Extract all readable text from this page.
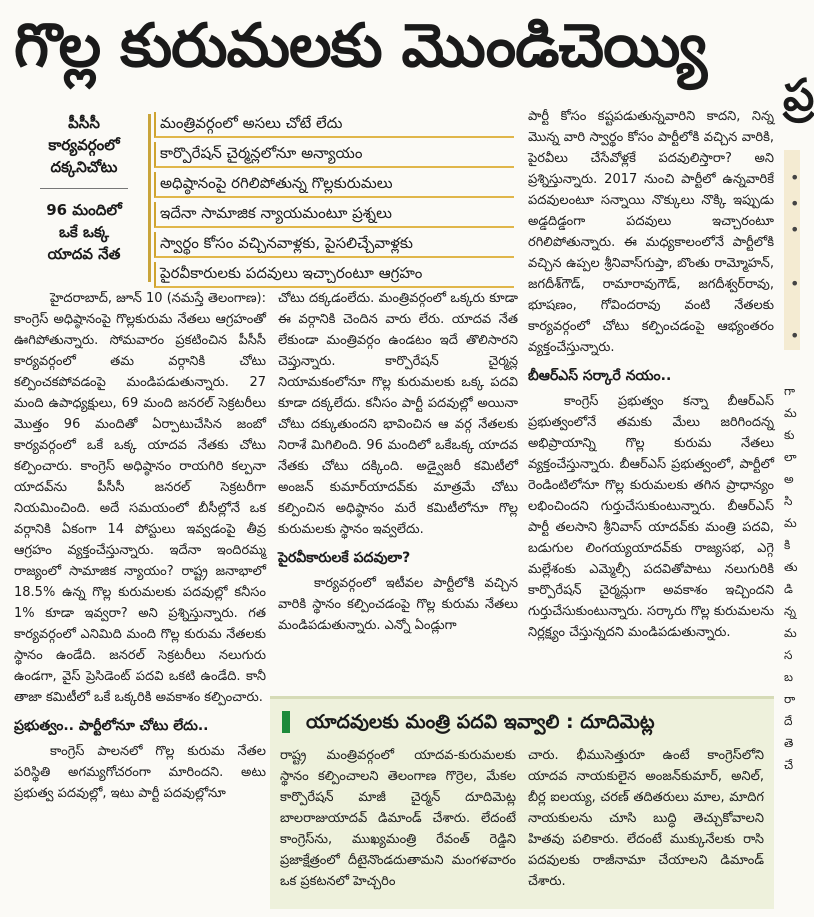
గొల్ల కురుమలకు మొండిచెయ్యి
ప్ర
•
•
•
•
•
పీసీసీ
కార్యవర్గంలో
దక్కనిచోటు
96 మందిలో
ఒకే ఒక్క
యాదవ నేత
మంత్రివర్గంలో అసలు చోటే లేదు
కార్పొరేషన్ చైర్మన్లలోనూ అన్యాయం
అధిష్ఠానంపై రగిలిపోతున్న గొల్లకురుమలు
ఇదేనా సామాజిక న్యాయమంటూ ప్రశ్నలు
స్వార్థం కోసం వచ్చినవాళ్లకు, పైసలిచ్చేవాళ్లకు
పైరవీకారులకు పదవులు ఇచ్చారంటూ ఆగ్రహం

హైదరాబాద్, జూన్ 10 (నమస్తే తెలంగాణ): కాంగ్రెస్ అధిష్ఠానంపై గొల్లకురుమ నేతలు ఆగ్రహంతో ఊగిపోతున్నారు. సోమవారం ప్రకటించిన పీసీసీ కార్యవర్గంలో తమ వర్గానికి చోటు కల్పించకపోవడంపై మండిపడుతున్నారు. 27 మంది ఉపాధ్యక్షులు, 69 మంది జనరల్ సెక్రటరీలు మొత్తం 96 మందితో ఏర్పాటుచేసిన జంబో కార్యవర్గంలో ఒకే ఒక్క యాదవ నేతకు చోటు కల్పించారు. కాంగ్రెస్ అధిష్ఠానం రాయగిరి కల్పనా యాదవ్‌ను పీసీసీ జనరల్ సెక్రటరీగా నియమించింది. అదే సమయంలో బీసీల్లోనే ఒక వర్గానికి ఏకంగా 14 పోస్టులు ఇవ్వడంపై తీవ్ర ఆగ్రహం వ్యక్తంచేస్తున్నారు. ఇదేనా ఇందిరమ్మ రాజ్యంలో సామాజిక న్యాయం? రాష్ట్ర జనాభాలో 18.5% ఉన్న గొల్ల కురుమలకు పదవుల్లో కనీసం 1% కూడా ఇవ్వరా? అని ప్రశ్నిస్తున్నారు. గత కార్యవర్గంలో ఎనిమిది మంది గొల్ల కురుమ నేతలకు స్థానం ఉండేది. జనరల్ సెక్రటరీలు నలుగురు ఉండగా, వైస్ ప్రెసిడెంట్ పదవి ఒకటి ఉండేది. కానీ తాజా కమిటీలో ఒకే ఒక్కరికి అవకాశం కల్పించారు.

ప్రభుత్వం.. పార్టీలోనూ చోటు లేదు..

కాంగ్రెస్ పాలనలో గొల్ల కురుమ నేతల పరిస్థితి అగమ్యగోచరంగా మారిందని. అటు ప్రభుత్వ పదవుల్లో, ఇటు పార్టీ పదవుల్లోనూ

చోటు దక్కడంలేదు. మంత్రివర్గంలో ఒక్కరు కూడా ఈ వర్గానికి చెందిన వారు లేరు. యాదవ నేత లేకుండా మంత్రివర్గం ఉండటం ఇదే తొలిసారని చెప్తున్నారు. కార్పొరేషన్ చైర్మన్ల నియామకంలోనూ గొల్ల కురుమలకు ఒక్క పదవి కూడా దక్కలేదు. కనీసం పార్టీ పదవుల్లో అయినా చోటు దక్కుతుందని భావించిన ఆ వర్గ నేతలకు నిరాశే మిగిలింది. 96 మందిలో ఒకేఒక్క యాదవ నేతకు చోటు దక్కింది. అడ్వైజరీ కమిటీలో అంజన్ కుమార్‌యాదవ్‌కు మాత్రమే చోటు కల్పించిన అధిష్ఠానం మరే కమిటీలోనూ గొల్ల కురుమలకు స్థానం ఇవ్వలేదు.

పైరవీకారులకే పదవులా?

కార్యవర్గంలో ఇటీవల పార్టీలోకి వచ్చిన వారికి స్థానం కల్పించడంపై గొల్ల కురుమ నేతలు మండిపడుతున్నారు. ఎన్నో ఏండ్లుగా

పార్టీ కోసం కష్టపడుతున్నవారిని కాదని, నిన్న మొన్న వారి స్వార్థం కోసం పార్టీలోకి వచ్చిన వారికి, పైరవీలు చేసేవోళ్లకే పదవులిస్తారా? అని ప్రశ్నిస్తున్నారు. 2017 నుంచి పార్టీలో ఉన్నవారికే పదవులంటూ సన్నాయి నొక్కులు నొక్కి ఇప్పుడు అడ్డదిడ్డంగా పదవులు ఇచ్చారంటూ రగిలిపోతున్నారు. ఈ మధ్యకాలంలోనే పార్టీలోకి వచ్చిన ఉప్పల శ్రీనివాస్‌గుప్తా, బొంతు రామ్మోహన్, జగదీశ్‌గౌడ్, రామారావుగౌడ్, జగదీశ్వర్‌రావు, భూషణం, గోవిందరావు వంటి నేతలకు కార్యవర్గంలో చోటు కల్పించడంపై ఆభ్యంతరం వ్యక్తంచేస్తున్నారు.

బీఆర్‌ఎస్ సర్కారే నయం..

కాంగ్రెస్ ప్రభుత్వం కన్నా బీఆర్‌ఎస్ ప్రభుత్వంలోనే తమకు మేలు జరిగిందన్న అభిప్రాయాన్ని గొల్ల కురుమ నేతలు వ్యక్తంచేస్తున్నారు. బీఆర్‌ఎస్ ప్రభుత్వంలో, పార్టీలో రెండింటిలోనూ గొల్ల కురుమలకు తగిన ప్రాధాన్యం లభించిందని గుర్తుచేసుకుంటున్నారు. బీఆర్‌ఎస్ పార్టీ తలసాని శ్రీనివాస్ యాదవ్‌కు మంత్రి పదవి, బడుగుల లింగయ్యయాదవ్‌కు రాజ్యసభ, ఎగ్గె మల్లేశంకు ఎమ్మెల్సీ పదవితోపాటు నలుగురికి కార్పొరేషన్ చైర్మన్లుగా అవకాశం ఇచ్చిందని గుర్తుచేసుకుంటున్నారు. సర్కారు గొల్ల కురుమలను నిర్లక్ష్యం చేస్తున్నదని మండిపడుతున్నారు.

యాదవులకు మంత్రి పదవి ఇవ్వాలి : దూదిమెట్ల
రాష్ట్ర మంత్రివర్గంలో యాదవ-కురుమలకు స్థానం కల్పించాలని తెలంగాణ గొర్రెల, మేకల కార్పొరేషన్ మాజీ చైర్మన్ దూదిమెట్ల బాలరాజుయాదవ్ డిమాండ్ చేశారు. లేదంటే కాంగ్రెస్‌ను, ముఖ్యమంత్రి రేవంత్ రెడ్డిని ప్రజాక్షేత్రంలో దీటైనొండదుతామని మంగళవారం ఒక ప్రకటనలో హెచ్చరిం
చారు. భీముసెత్తురూ ఉంటే కాంగ్రెస్‌లోని యాదవ నాయకులైన అంజన్‌కుమార్, అనిల్, బీర్ల ఐలయ్య, చరణ్ తదితరులు మాల, మాదిగ నాయకులను చూసి బుద్ధి తెచ్చుకోవాలని హితవు పలికారు. లేదంటే ముక్కునేలకు రాసి పదవులకు రాజీనామా చేయాలని డిమాండ్ చేశారు.
గా మ కు లా అ సి మ కి తు డి న్న మ స బ రా దే తె చే
